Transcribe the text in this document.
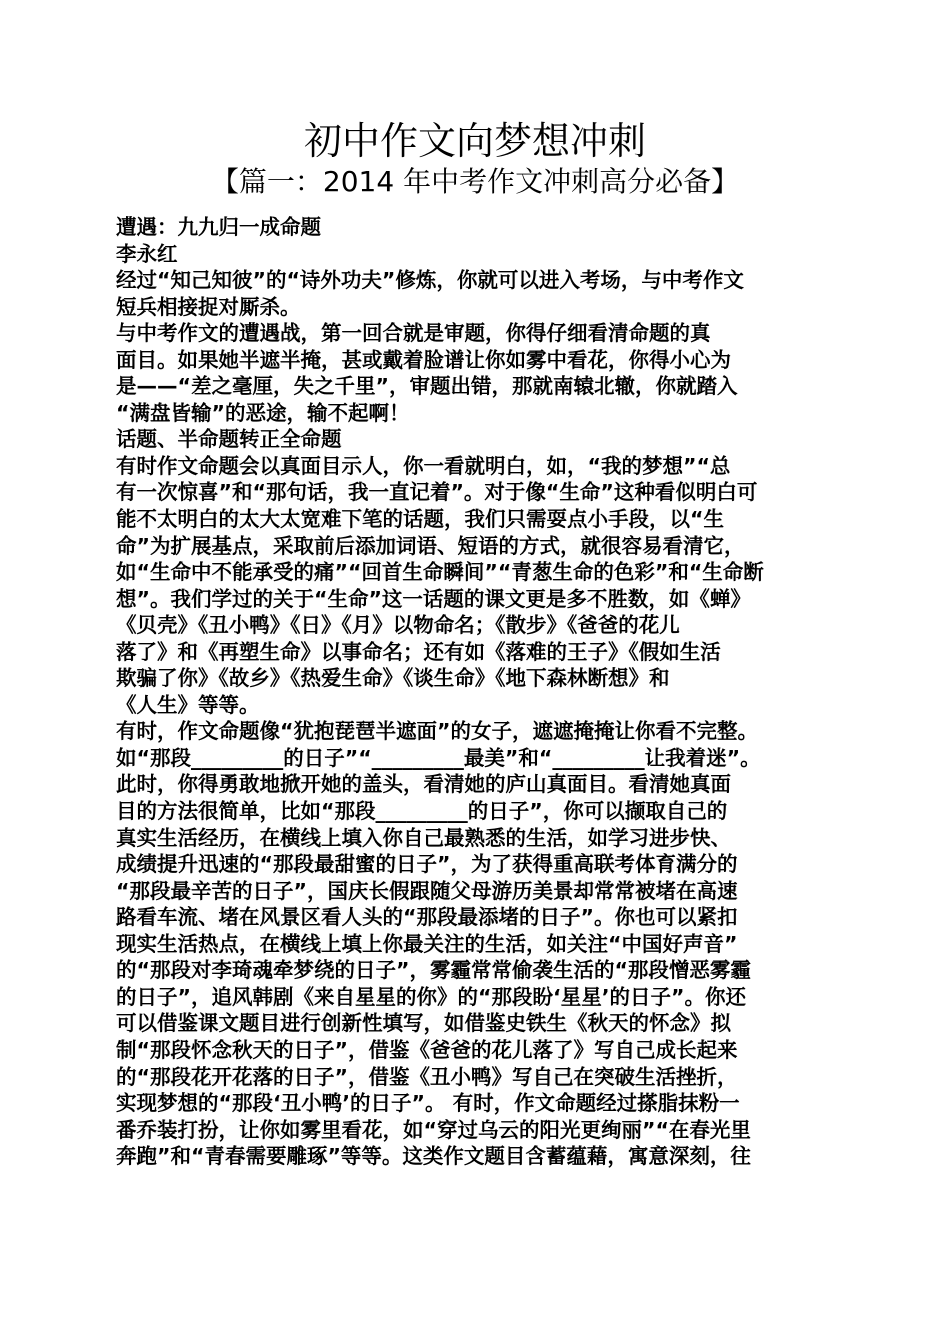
初中作文向梦想冲刺
【篇一：2014 年中考作文冲刺高分必备】
遭遇：九九归一成命题
李永红
经过“知己知彼”的“诗外功夫”修炼，你就可以进入考场，与中考作文
短兵相接捉对厮杀。
与中考作文的遭遇战，第一回合就是审题，你得仔细看清命题的真
面目。如果她半遮半掩，甚或戴着脸谱让你如雾中看花，你得小心为
是——“差之毫厘，失之千里”，审题出错，那就南辕北辙，你就踏入
“满盘皆输”的恶途，输不起啊！
话题、半命题转正全命题
有时作文命题会以真面目示人，你一看就明白，如，“我的梦想”“总
有一次惊喜”和“那句话，我一直记着”。对于像“生命”这种看似明白可
能不太明白的太大太宽难下笔的话题，我们只需耍点小手段，以“生
命”为扩展基点，采取前后添加词语、短语的方式，就很容易看清它，
如“生命中不能承受的痛”“回首生命瞬间”“青葱生命的色彩”和“生命断
想”。我们学过的关于“生命”这一话题的课文更是多不胜数，如《蝉》
《贝壳》《丑小鸭》《日》《月》以物命名；《散步》《爸爸的花儿
落了》和《再塑生命》以事命名；还有如《落难的王子》《假如生活
欺骗了你》《故乡》《热爱生命》《谈生命》《地下森林断想》和
《人生》等等。
有时，作文命题像“犹抱琵琶半遮面”的女子，遮遮掩掩让你看不完整。
如“那段_________的日子”“_________最美”和“_________让我着迷”。
此时，你得勇敢地掀开她的盖头，看清她的庐山真面目。看清她真面
目的方法很简单，比如“那段_________的日子”，你可以撷取自己的
真实生活经历，在横线上填入你自己最熟悉的生活，如学习进步快、
成绩提升迅速的“那段最甜蜜的日子”，为了获得重高联考体育满分的
“那段最辛苦的日子”，国庆长假跟随父母游历美景却常常被堵在高速
路看车流、堵在风景区看人头的“那段最添堵的日子”。你也可以紧扣
现实生活热点，在横线上填上你最关注的生活，如关注“中国好声音”
的“那段对李琦魂牵梦绕的日子”，雾霾常常偷袭生活的“那段憎恶雾霾
的日子”，追风韩剧《来自星星的你》的“那段盼‘星星’的日子”。你还
可以借鉴课文题目进行创新性填写，如借鉴史铁生《秋天的怀念》拟
制“那段怀念秋天的日子”，借鉴《爸爸的花儿落了》写自己成长起来
的“那段花开花落的日子”，借鉴《丑小鸭》写自己在突破生活挫折，
实现梦想的“那段‘丑小鸭’的日子”。 有时，作文命题经过搽脂抹粉一
番乔装打扮，让你如雾里看花，如“穿过乌云的阳光更绚丽”“在春光里
奔跑”和“青春需要雕琢”等等。这类作文题目含蓄蕴藉，寓意深刻，往
